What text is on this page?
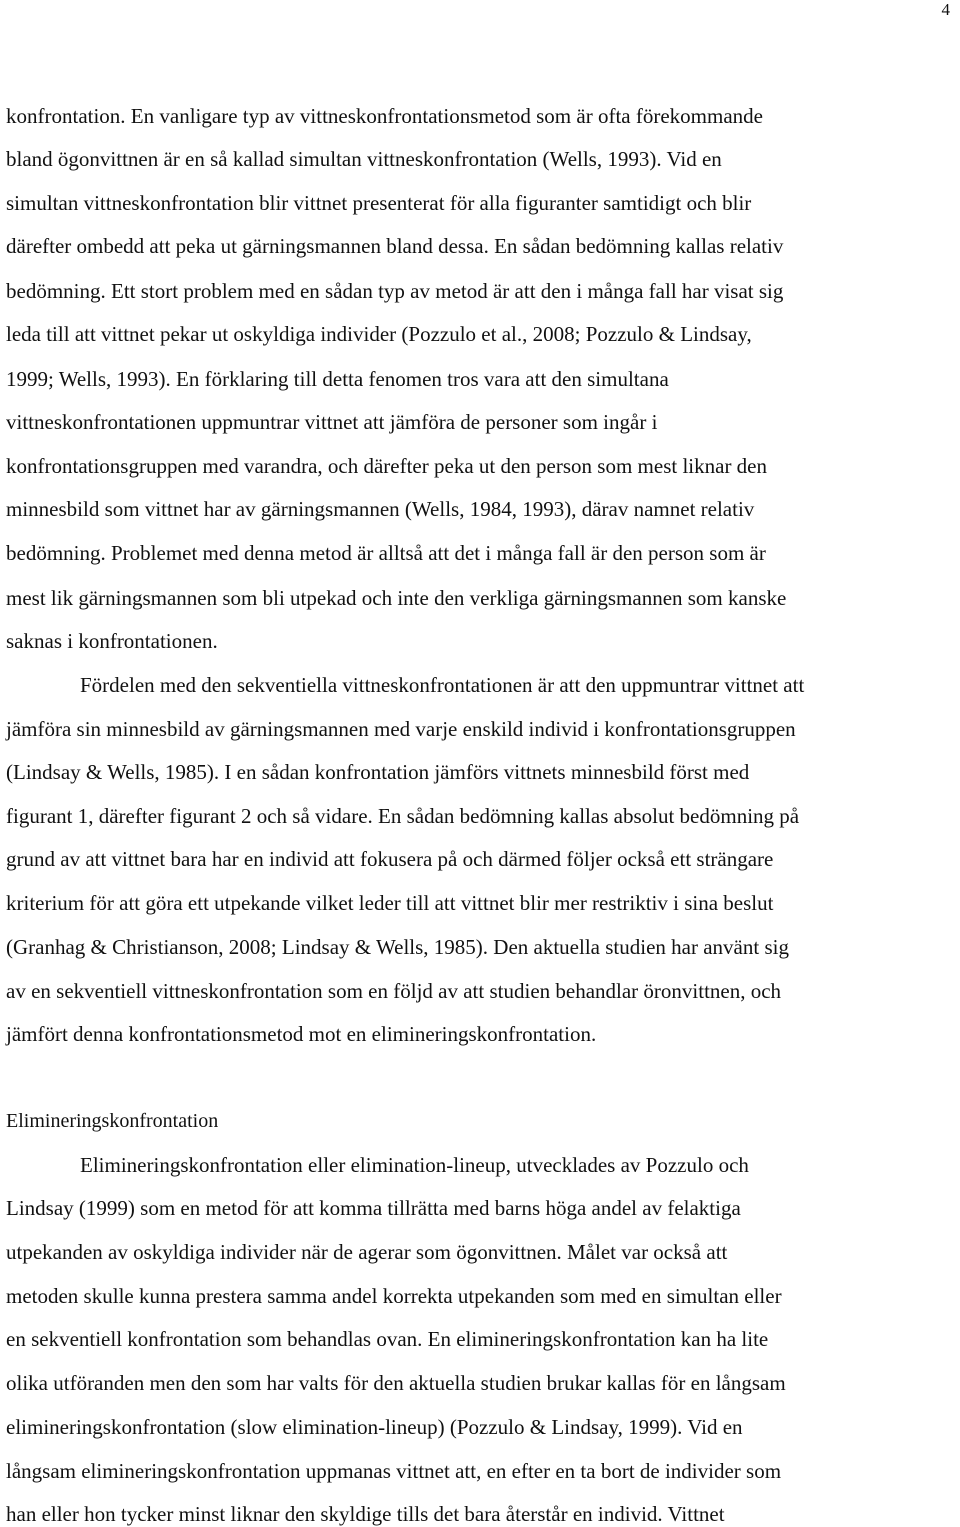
4
konfrontation. En vanligare typ av vittneskonfrontationsmetod som är ofta förekommande
bland ögonvittnen är en så kallad simultan vittneskonfrontation (Wells, 1993). Vid en
simultan vittneskonfrontation blir vittnet presenterat för alla figuranter samtidigt och blir
därefter ombedd att peka ut gärningsmannen bland dessa. En sådan bedömning kallas relativ
bedömning. Ett stort problem med en sådan typ av metod är att den i många fall har visat sig
leda till att vittnet pekar ut oskyldiga individer (Pozzulo et al., 2008; Pozzulo & Lindsay,
1999; Wells, 1993). En förklaring till detta fenomen tros vara att den simultana
vittneskonfrontationen uppmuntrar vittnet att jämföra de personer som ingår i
konfrontationsgruppen med varandra, och därefter peka ut den person som mest liknar den
minnesbild som vittnet har av gärningsmannen (Wells, 1984, 1993), därav namnet relativ
bedömning. Problemet med denna metod är alltså att det i många fall är den person som är
mest lik gärningsmannen som bli utpekad och inte den verkliga gärningsmannen som kanske
saknas i konfrontationen.
Fördelen med den sekventiella vittneskonfrontationen är att den uppmuntrar vittnet att
jämföra sin minnesbild av gärningsmannen med varje enskild individ i konfrontationsgruppen
(Lindsay & Wells, 1985). I en sådan konfrontation jämförs vittnets minnesbild först med
figurant 1, därefter figurant 2 och så vidare. En sådan bedömning kallas absolut bedömning på
grund av att vittnet bara har en individ att fokusera på och därmed följer också ett strängare
kriterium för att göra ett utpekande vilket leder till att vittnet blir mer restriktiv i sina beslut
(Granhag & Christianson, 2008; Lindsay & Wells, 1985). Den aktuella studien har använt sig
av en sekventiell vittneskonfrontation som en följd av att studien behandlar öronvittnen, och
jämfört denna konfrontationsmetod mot en elimineringskonfrontation.
Elimineringskonfrontation
Elimineringskonfrontation eller elimination-lineup, utvecklades av Pozzulo och
Lindsay (1999) som en metod för att komma tillrätta med barns höga andel av felaktiga
utpekanden av oskyldiga individer när de agerar som ögonvittnen. Målet var också att
metoden skulle kunna prestera samma andel korrekta utpekanden som med en simultan eller
en sekventiell konfrontation som behandlas ovan. En elimineringskonfrontation kan ha lite
olika utföranden men den som har valts för den aktuella studien brukar kallas för en långsam
elimineringskonfrontation (slow elimination-lineup) (Pozzulo & Lindsay, 1999). Vid en
långsam elimineringskonfrontation uppmanas vittnet att, en efter en ta bort de individer som
han eller hon tycker minst liknar den skyldige tills det bara återstår en individ. Vittnet
